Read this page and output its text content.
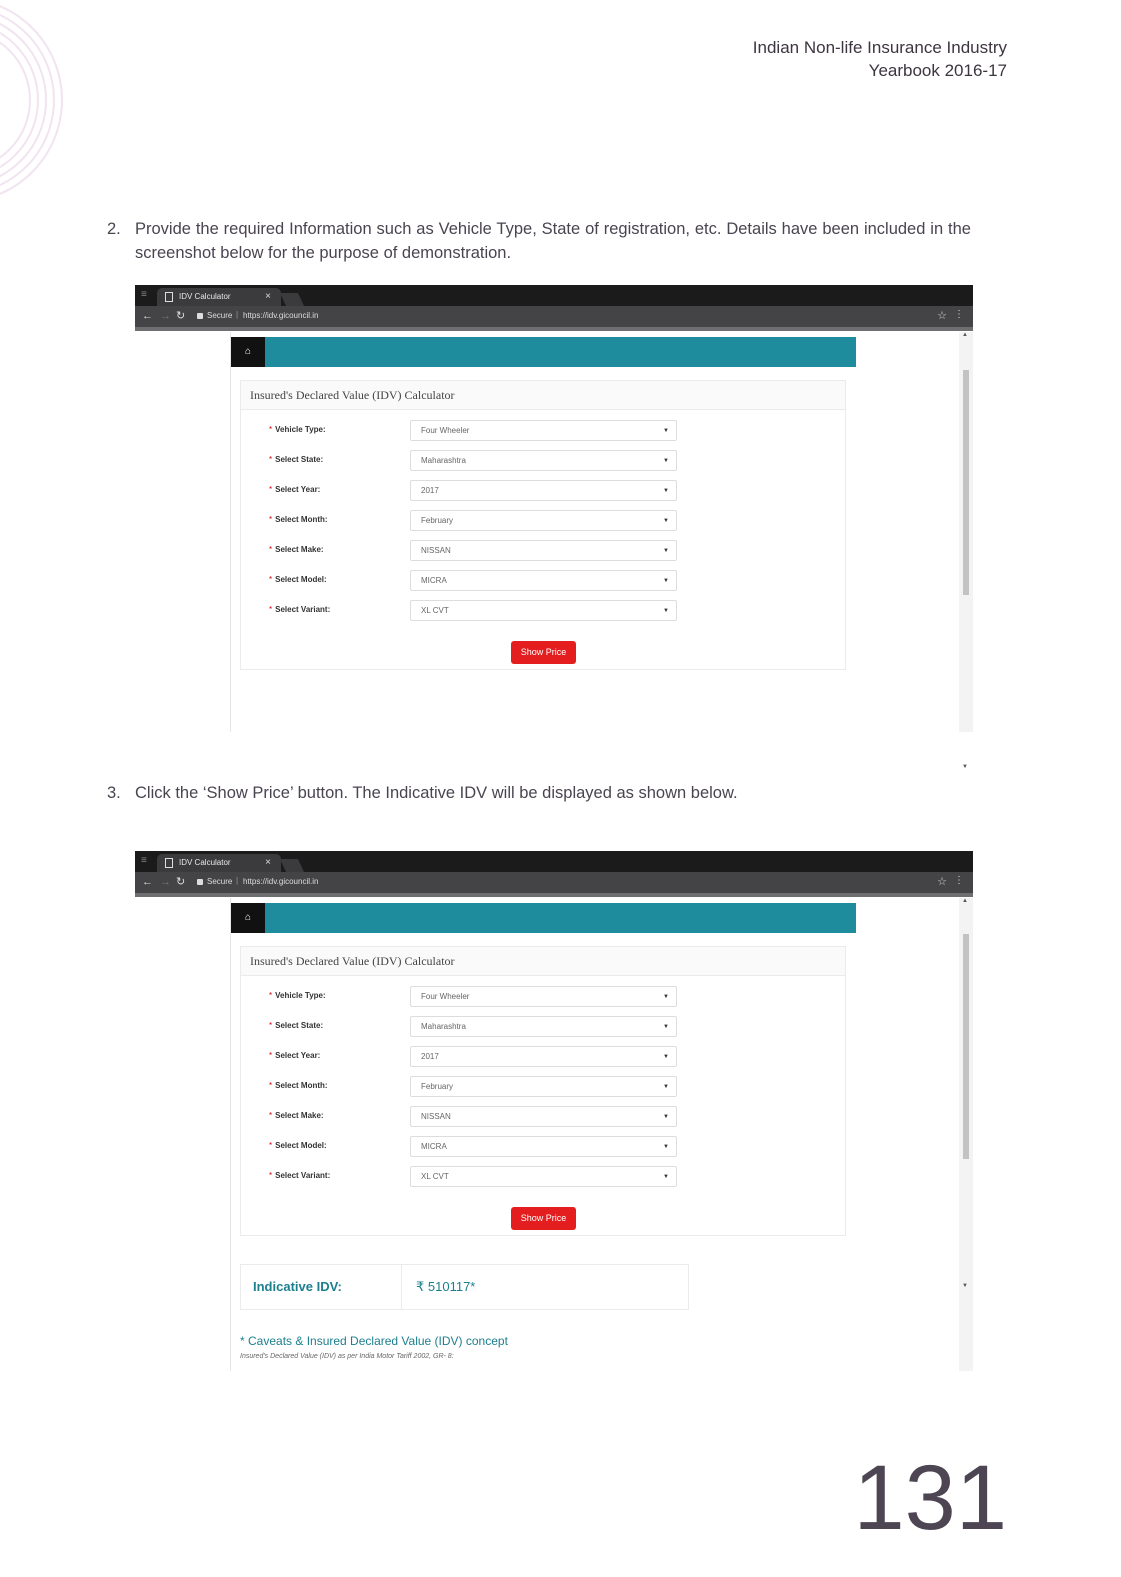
Indian Non-life Insurance Industry
Yearbook 2016-17
2. Provide the required Information such as Vehicle Type, State of registration, etc. Details have been included in the screenshot below for the purpose of demonstration.
3. Click the ‘Show Price’ button. The Indicative IDV will be displayed as shown below.
≡	IDV Calculator	×
← → ↻	Secure | https://idv.gicouncil.in	☆ ⋮
⌂
Insured's Declared Value (IDV) Calculator
* Vehicle Type:	Four Wheeler	▼
* Select State:	Maharashtra	▼
* Select Year:	2017	▼
* Select Month:	February	▼
* Select Make:	NISSAN	▼
* Select Model:	MICRA	▼
* Select Variant:	XL CVT	▼
Show Price
▲
▼
≡	IDV Calculator	×
← → ↻	Secure | https://idv.gicouncil.in	☆ ⋮
⌂
Insured's Declared Value (IDV) Calculator
* Vehicle Type:	Four Wheeler	▼
* Select State:	Maharashtra	▼
* Select Year:	2017	▼
* Select Month:	February	▼
* Select Make:	NISSAN	▼
* Select Model:	MICRA	▼
* Select Variant:	XL CVT	▼
Show Price
Indicative IDV:	₹ 510117*
* Caveats & Insured Declared Value (IDV) concept
Insured's Declared Value (IDV) as per India Motor Tariff 2002, GR- 8:
▲
▼
131
